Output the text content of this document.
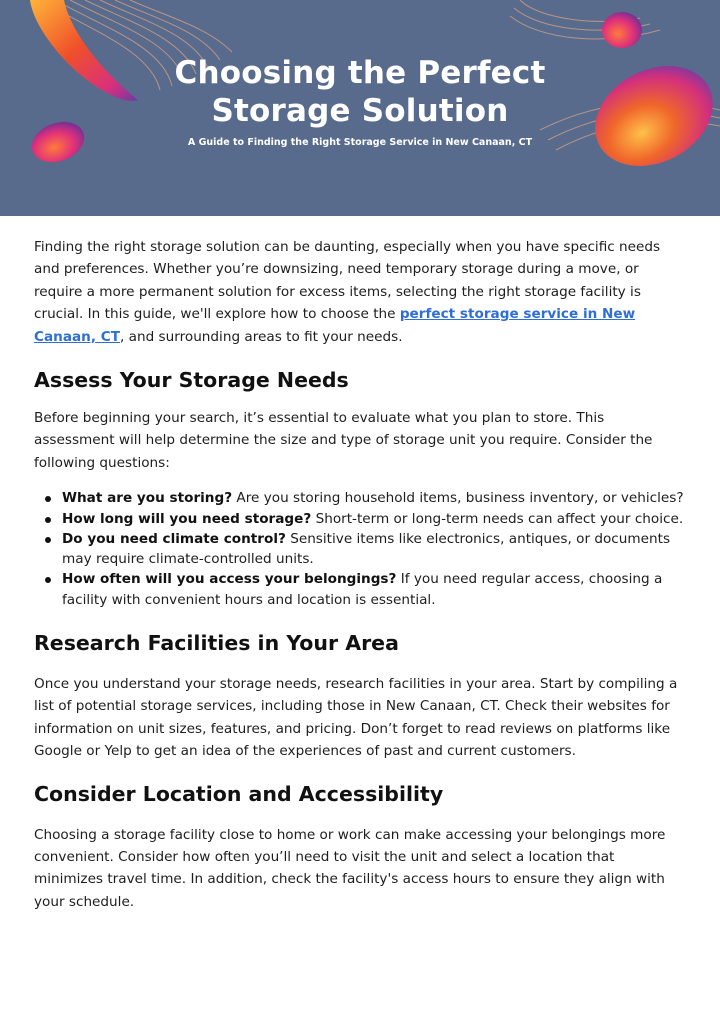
Choosing the Perfect
Storage Solution
A Guide to Finding the Right Storage Service in New Canaan, CT

Finding the right storage solution can be daunting, especially when you have specific needs and preferences. Whether you’re downsizing, need temporary storage during a move, or require a more permanent solution for excess items, selecting the right storage facility is crucial. In this guide, we'll explore how to choose the perfect storage service in New Canaan, CT, and surrounding areas to fit your needs.

Assess Your Storage Needs

Before beginning your search, it’s essential to evaluate what you plan to store. This assessment will help determine the size and type of storage unit you require. Consider the following questions:

What are you storing? Are you storing household items, business inventory, or vehicles?
How long will you need storage? Short-term or long-term needs can affect your choice.
Do you need climate control? Sensitive items like electronics, antiques, or documents may require climate-controlled units.
How often will you access your belongings? If you need regular access, choosing a facility with convenient hours and location is essential.
Research Facilities in Your Area

Once you understand your storage needs, research facilities in your area. Start by compiling a list of potential storage services, including those in New Canaan, CT. Check their websites for information on unit sizes, features, and pricing. Don’t forget to read reviews on platforms like Google or Yelp to get an idea of the experiences of past and current customers.

Consider Location and Accessibility

Choosing a storage facility close to home or work can make accessing your belongings more convenient. Consider how often you’ll need to visit the unit and select a location that minimizes travel time. In addition, check the facility's access hours to ensure they align with your schedule.
